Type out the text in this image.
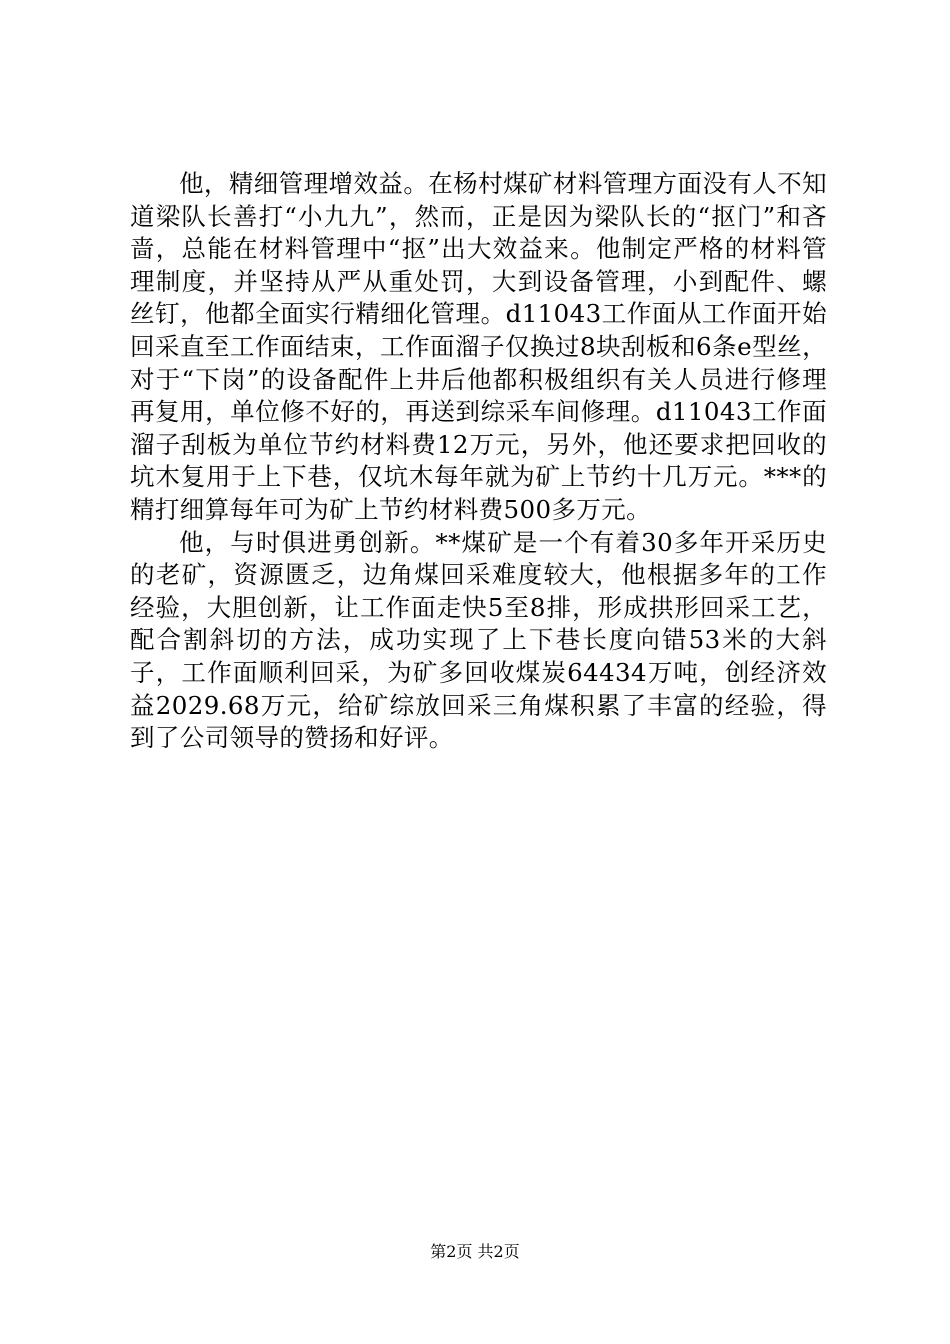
他，精细管理增效益。在杨村煤矿材料管理方面没有人不知道梁队长善打“小九九”，然而，正是因为梁队长的“抠门”和吝啬，总能在材料管理中“抠”出大效益来。他制定严格的材料管理制度，并坚持从严从重处罚，大到设备管理，小到配件、螺丝钉，他都全面实行精细化管理。d11043工作面从工作面开始回采直至工作面结束，工作面溜子仅换过8块刮板和6条e型丝，对于“下岗”的设备配件上井后他都积极组织有关人员进行修理再复用，单位修不好的，再送到综采车间修理。d11043工作面溜子刮板为单位节约材料费12万元，另外，他还要求把回收的坑木复用于上下巷，仅坑木每年就为矿上节约十几万元。***的精打细算每年可为矿上节约材料费500多万元。

他，与时俱进勇创新。**煤矿是一个有着30多年开采历史的老矿，资源匮乏，边角煤回采难度较大，他根据多年的工作经验，大胆创新，让工作面走快5至8排，形成拱形回采工艺，配合割斜切的方法，成功实现了上下巷长度向错53米的大斜子，工作面顺利回采，为矿多回收煤炭64434万吨，创经济效益2029.68万元，给矿综放回采三角煤积累了丰富的经验，得到了公司领导的赞扬和好评。

第2页 共2页
